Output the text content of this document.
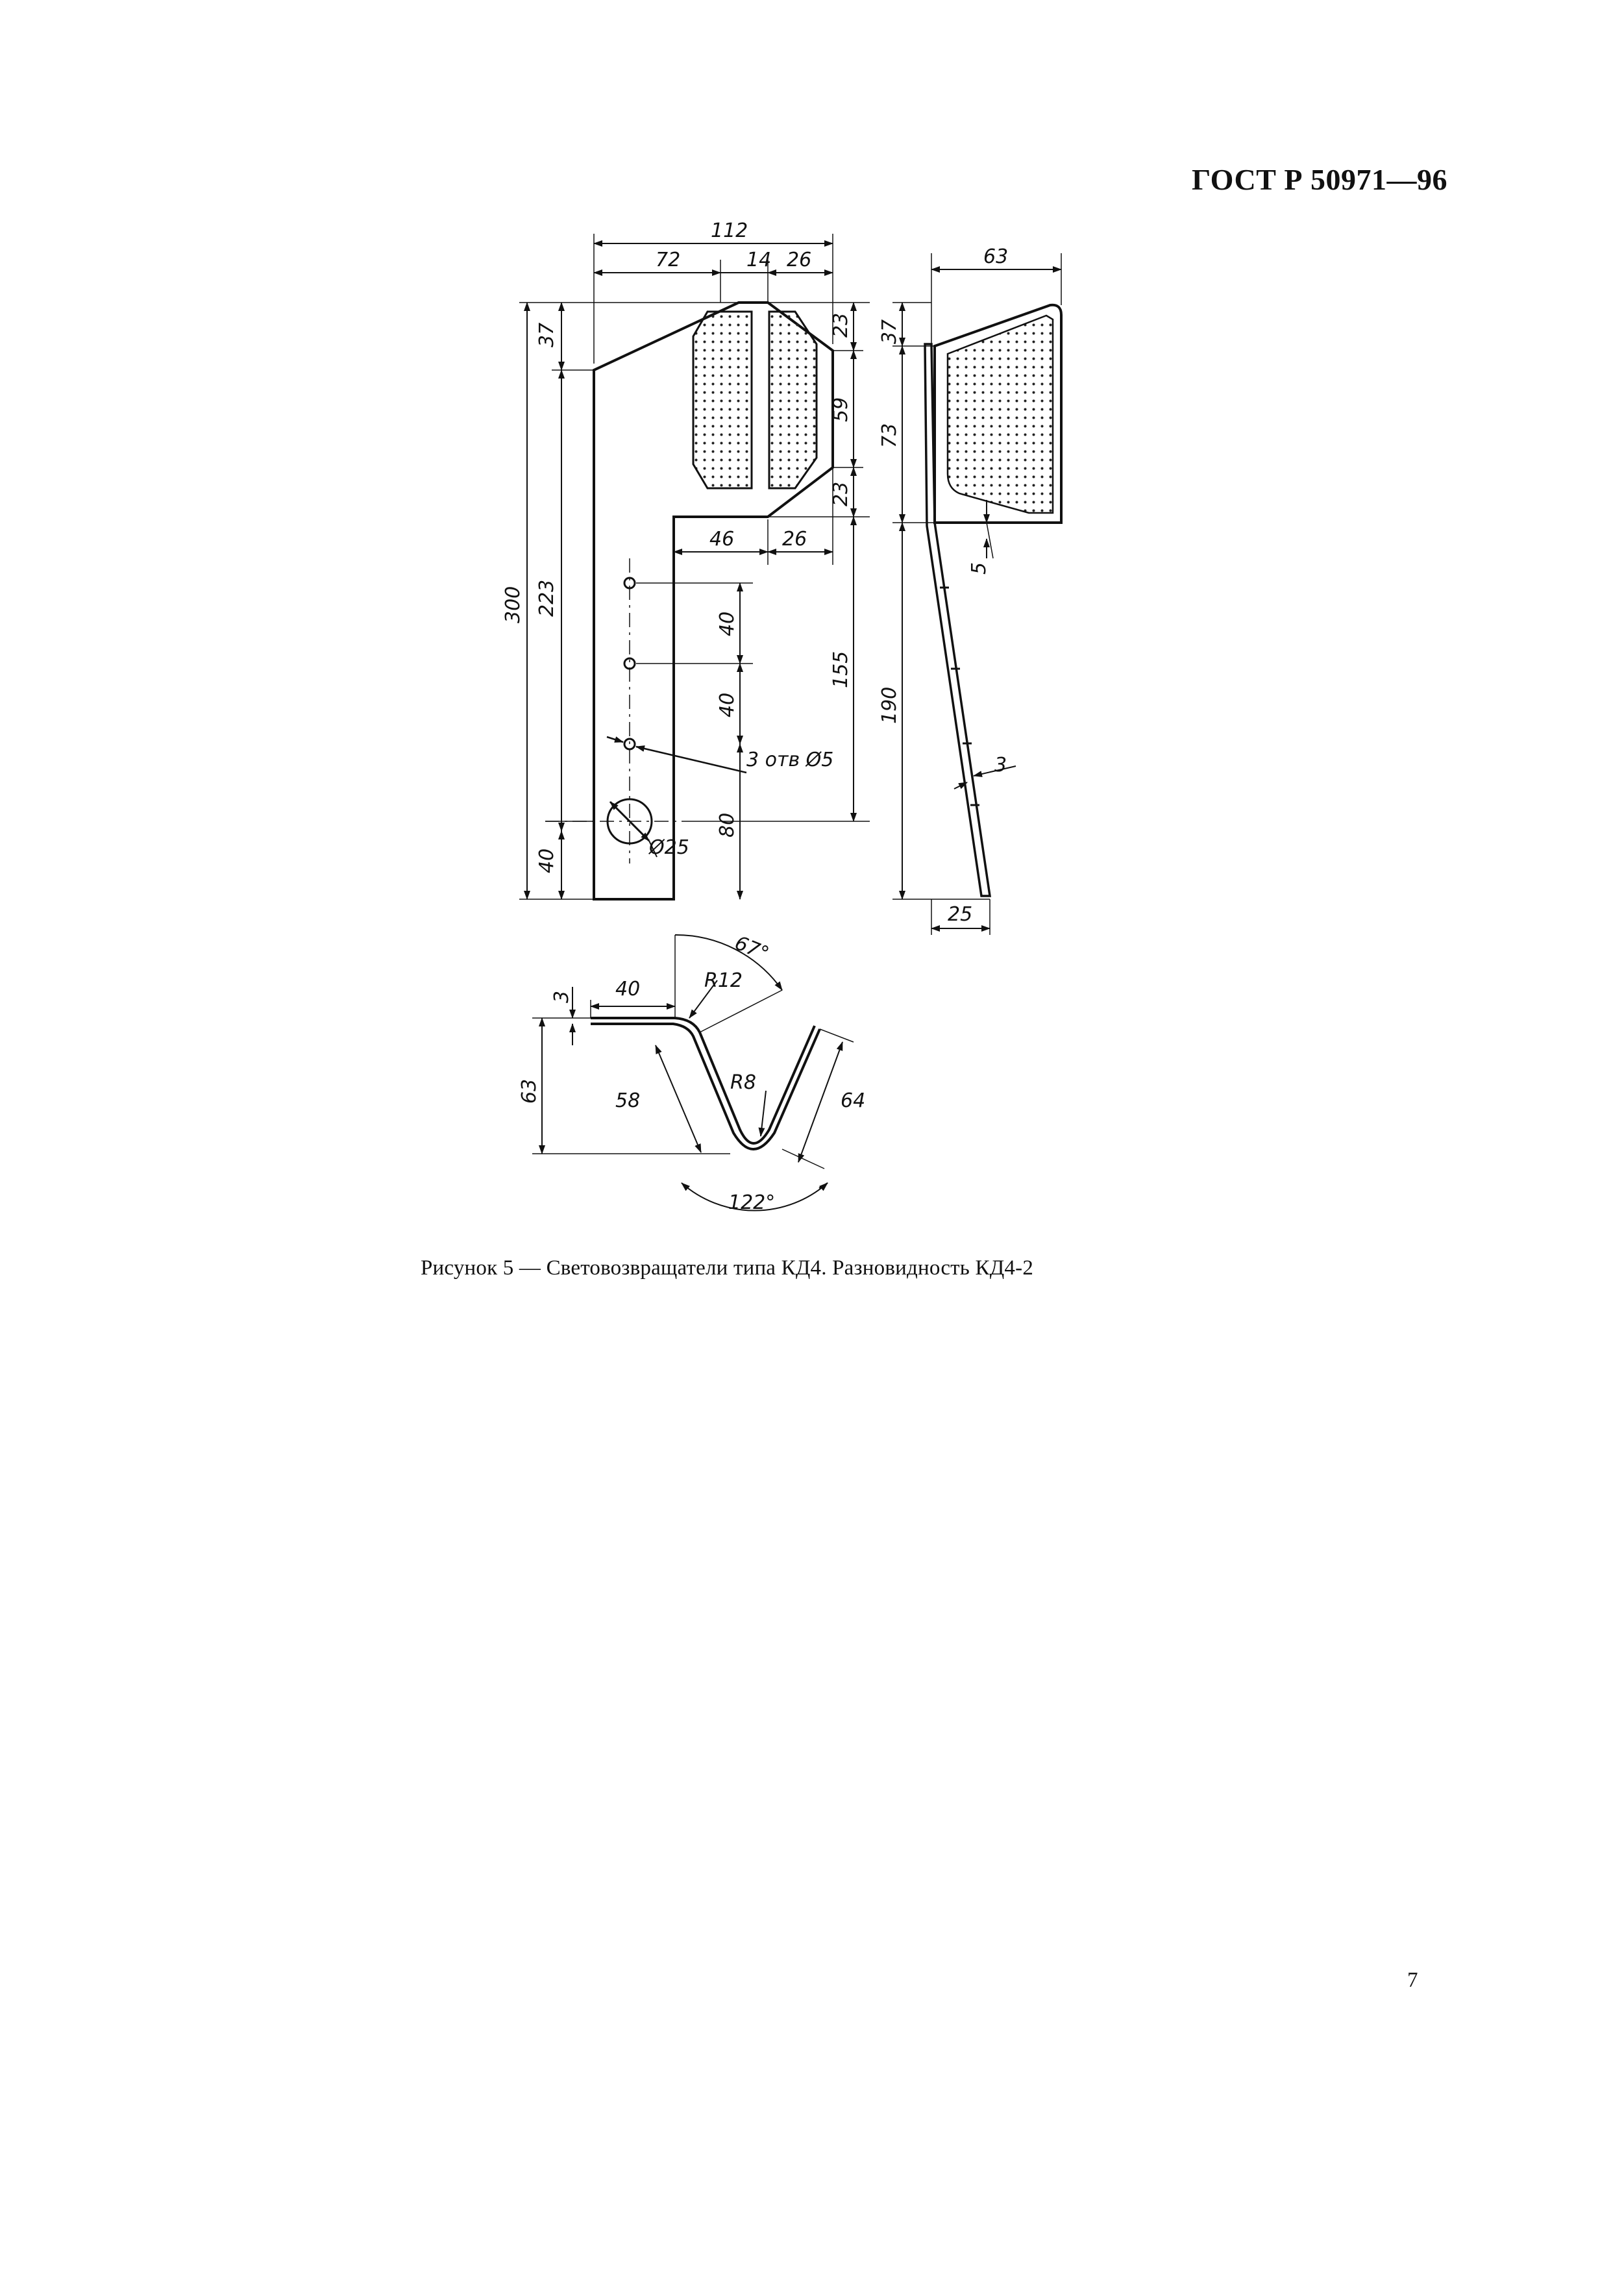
ГОСТ Р 50971—96
112
72	14 26
300 223
37
40
23
59
23
155
46 26
40
40
80
3 отв Ø5
Ø25
63
37
73
190
25
5
3
3 40
63
R12
R8
58	64
67°
122°
Рисунок 5 — Световозвращатели типа КД4. Разновидность КД4-2
7
